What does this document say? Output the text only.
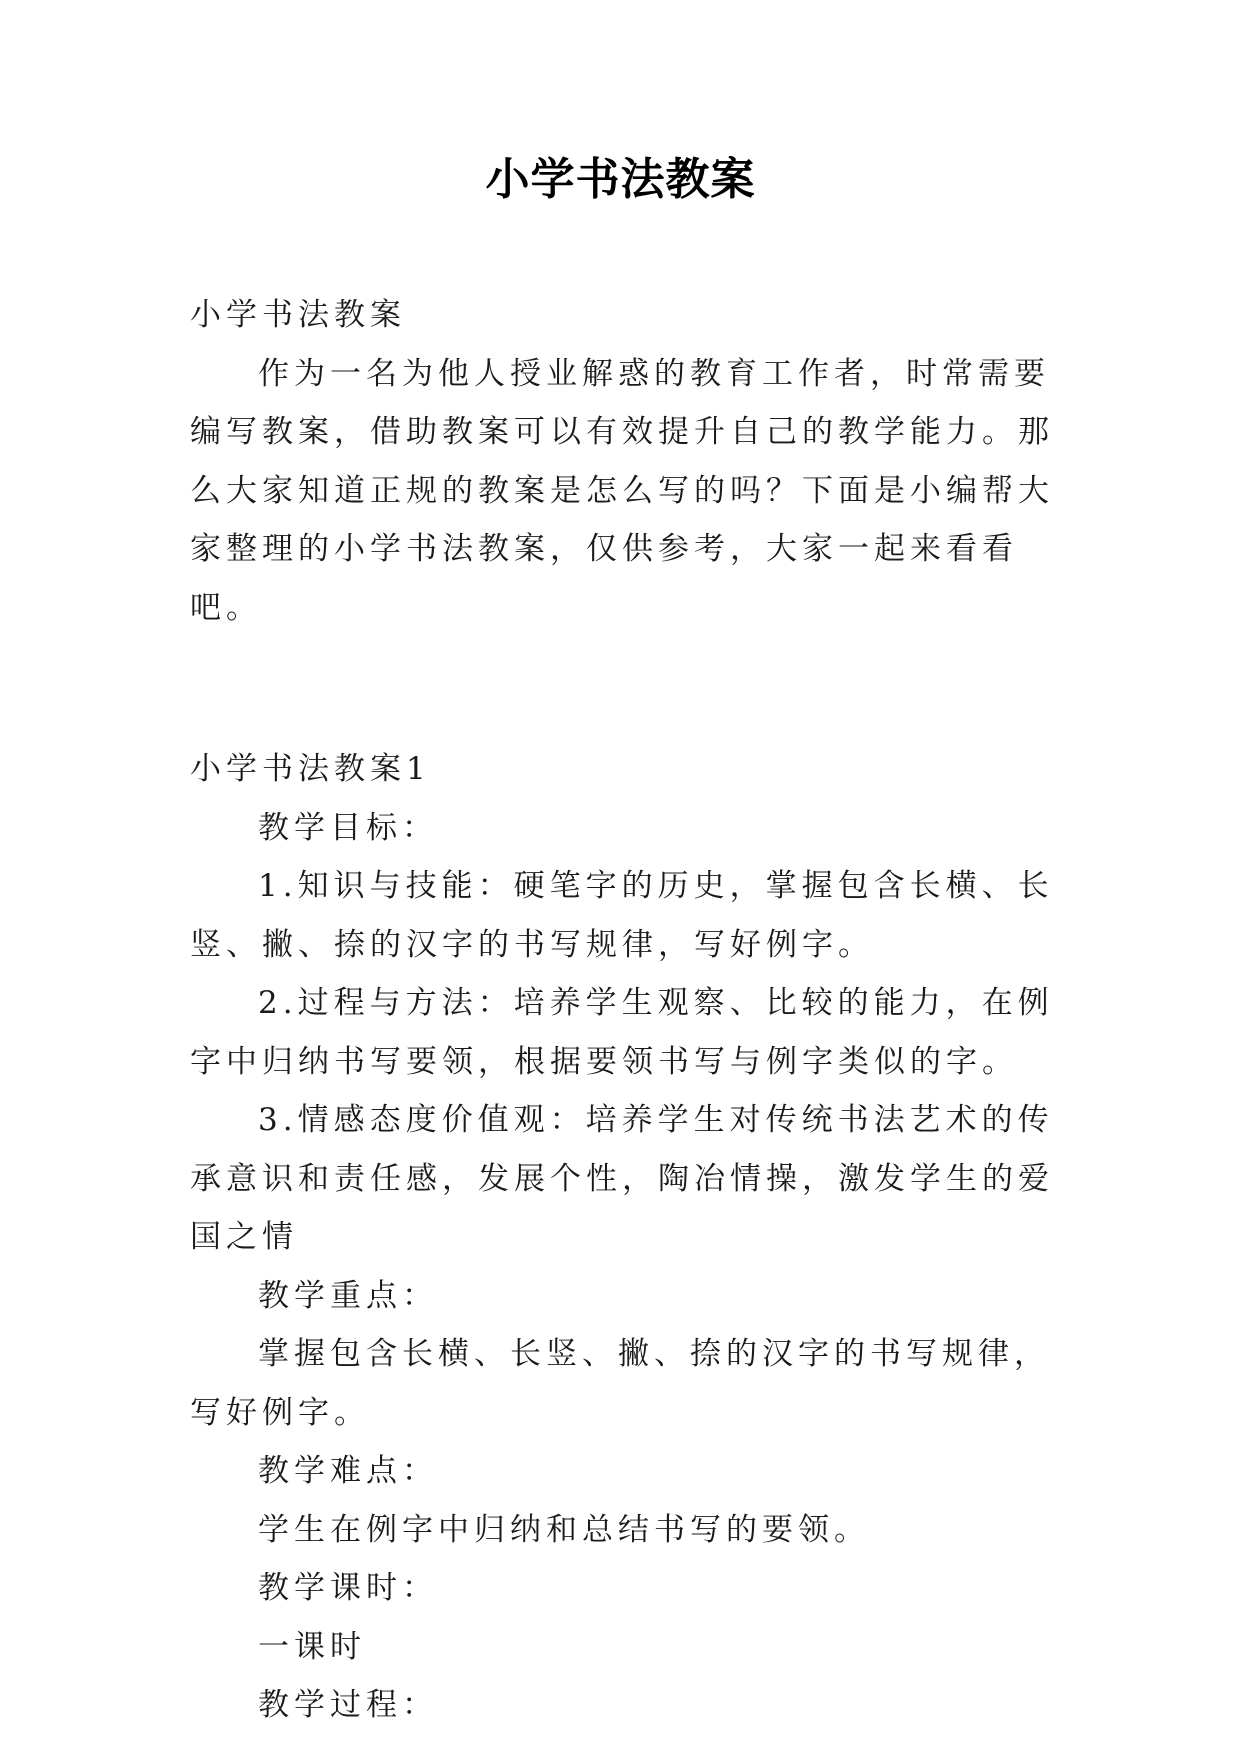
小学书法教案

小学书法教案

作为一名为他人授业解惑的教育工作者，时常需要编写教案，借助教案可以有效提升自己的教学能力。那么大家知道正规的教案是怎么写的吗？下面是小编帮大家整理的小学书法教案，仅供参考，大家一起来看看吧。

小学书法教案1

教学目标：

1.知识与技能：硬笔字的历史，掌握包含长横、长竖、撇、捺的汉字的书写规律，写好例字。

2.过程与方法：培养学生观察、比较的能力，在例字中归纳书写要领，根据要领书写与例字类似的字。

3.情感态度价值观：培养学生对传统书法艺术的传承意识和责任感，发展个性，陶冶情操，激发学生的爱国之情

教学重点：

掌握包含长横、长竖、撇、捺的汉字的书写规律，写好例字。

教学难点：

学生在例字中归纳和总结书写的要领。

教学课时：

一课时

教学过程：
